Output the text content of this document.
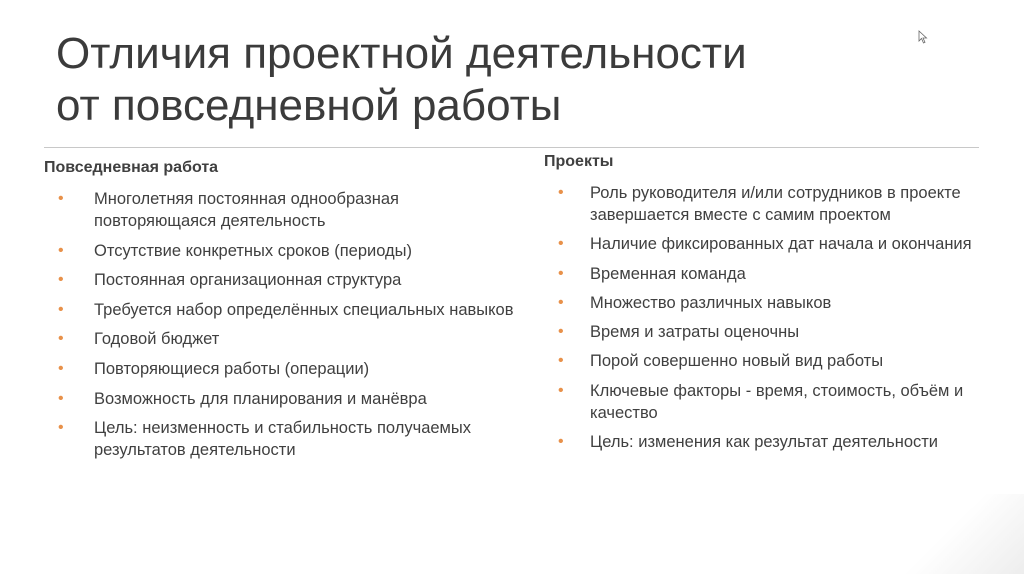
Отличия проектной деятельности
от повседневной работы
Повседневная работа
• Многолетняя постоянная однообразная повторяющаяся деятельность
• Отсутствие конкретных сроков (периоды)
• Постоянная организационная структура
• Требуется набор определённых специальных навыков
• Годовой бюджет
• Повторяющиеся работы (операции)
• Возможность для планирования и манёвра
• Цель: неизменность и стабильность получаемых результатов деятельности
Проекты
• Роль руководителя и/или сотрудников в проекте завершается вместе с самим проектом
• Наличие фиксированных дат начала и окончания
• Временная команда
• Множество различных навыков
• Время и затраты оценочны
• Порой совершенно новый вид работы
• Ключевые факторы - время, стоимость, объём и качество
• Цель: изменения как результат деятельности
